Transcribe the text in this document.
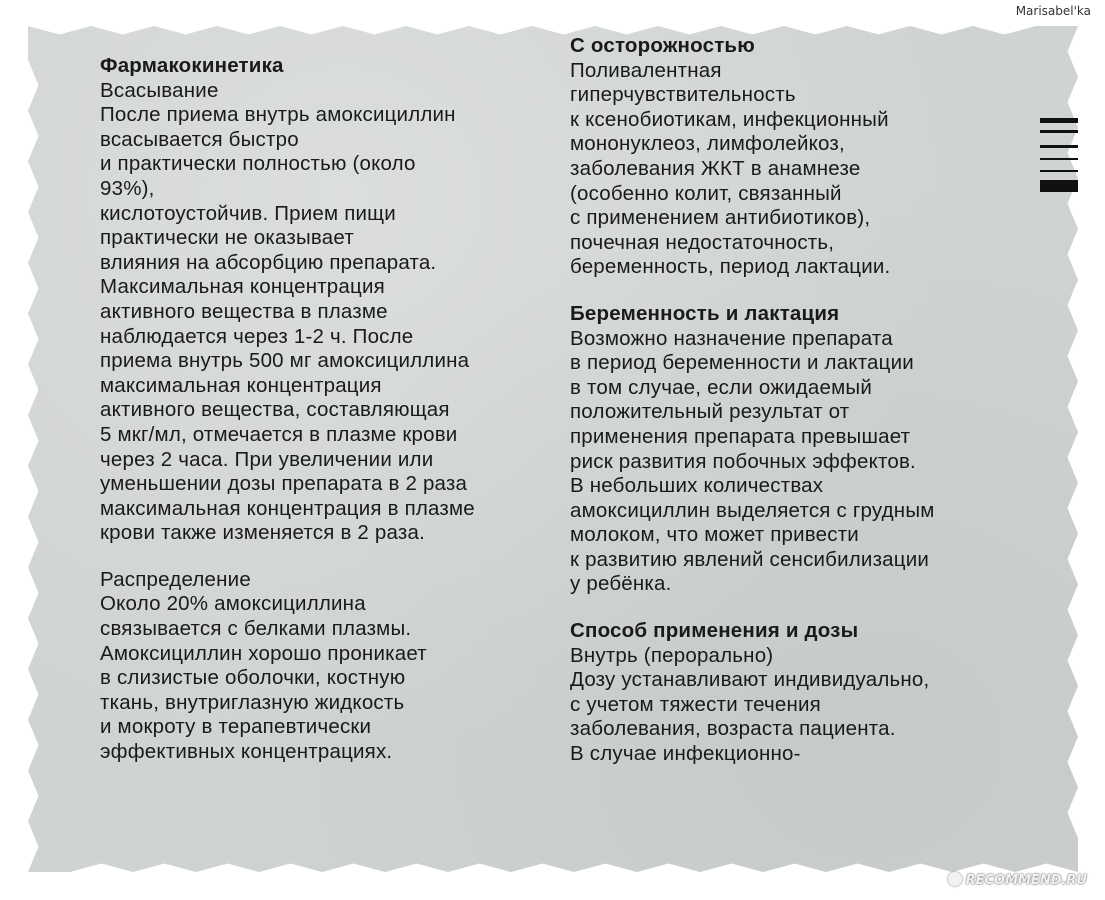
Marisabel'ka
Фармакокинетика
Всасывание
После приема внутрь амоксициллин
всасывается быстро
и практически полностью (около
93%),
кислотоустойчив. Прием пищи
практически не оказывает
влияния на абсорбцию препарата.
Максимальная концентрация
активного вещества в плазме
наблюдается через 1-2 ч. После
приема внутрь 500 мг амоксициллина
максимальная концентрация
активного вещества, составляющая
5 мкг/мл, отмечается в плазме крови
через 2 часа. При увеличении или
уменьшении дозы препарата в 2 раза
максимальная концентрация в плазме
крови также изменяется в 2 раза.
Распределение
Около 20% амоксициллина
связывается с белками плазмы.
Амоксициллин хорошо проникает
в слизистые оболочки, костную
ткань, внутриглазную жидкость
и мокроту в терапевтически
эффективных концентрациях.
С осторожностью
Поливалентная
гиперчувствительность
к ксенобиотикам, инфекционный
мононуклеоз, лимфолейкоз,
заболевания ЖКТ в анамнезе
(особенно колит, связанный
с применением антибиотиков),
почечная недостаточность,
беременность, период лактации.
Беременность и лактация
Возможно назначение препарата
в период беременности и лактации
в том случае, если ожидаемый
положительный результат от
применения препарата превышает
риск развития побочных эффектов.
В небольших количествах
амоксициллин выделяется с грудным
молоком, что может привести
к развитию явлений сенсибилизации
у ребёнка.
Способ применения и дозы
Внутрь (перорально)
Дозу устанавливают индивидуально,
с учетом тяжести течения
заболевания, возраста пациента.
В случае инфекционно-
RECOMMEND.RU
